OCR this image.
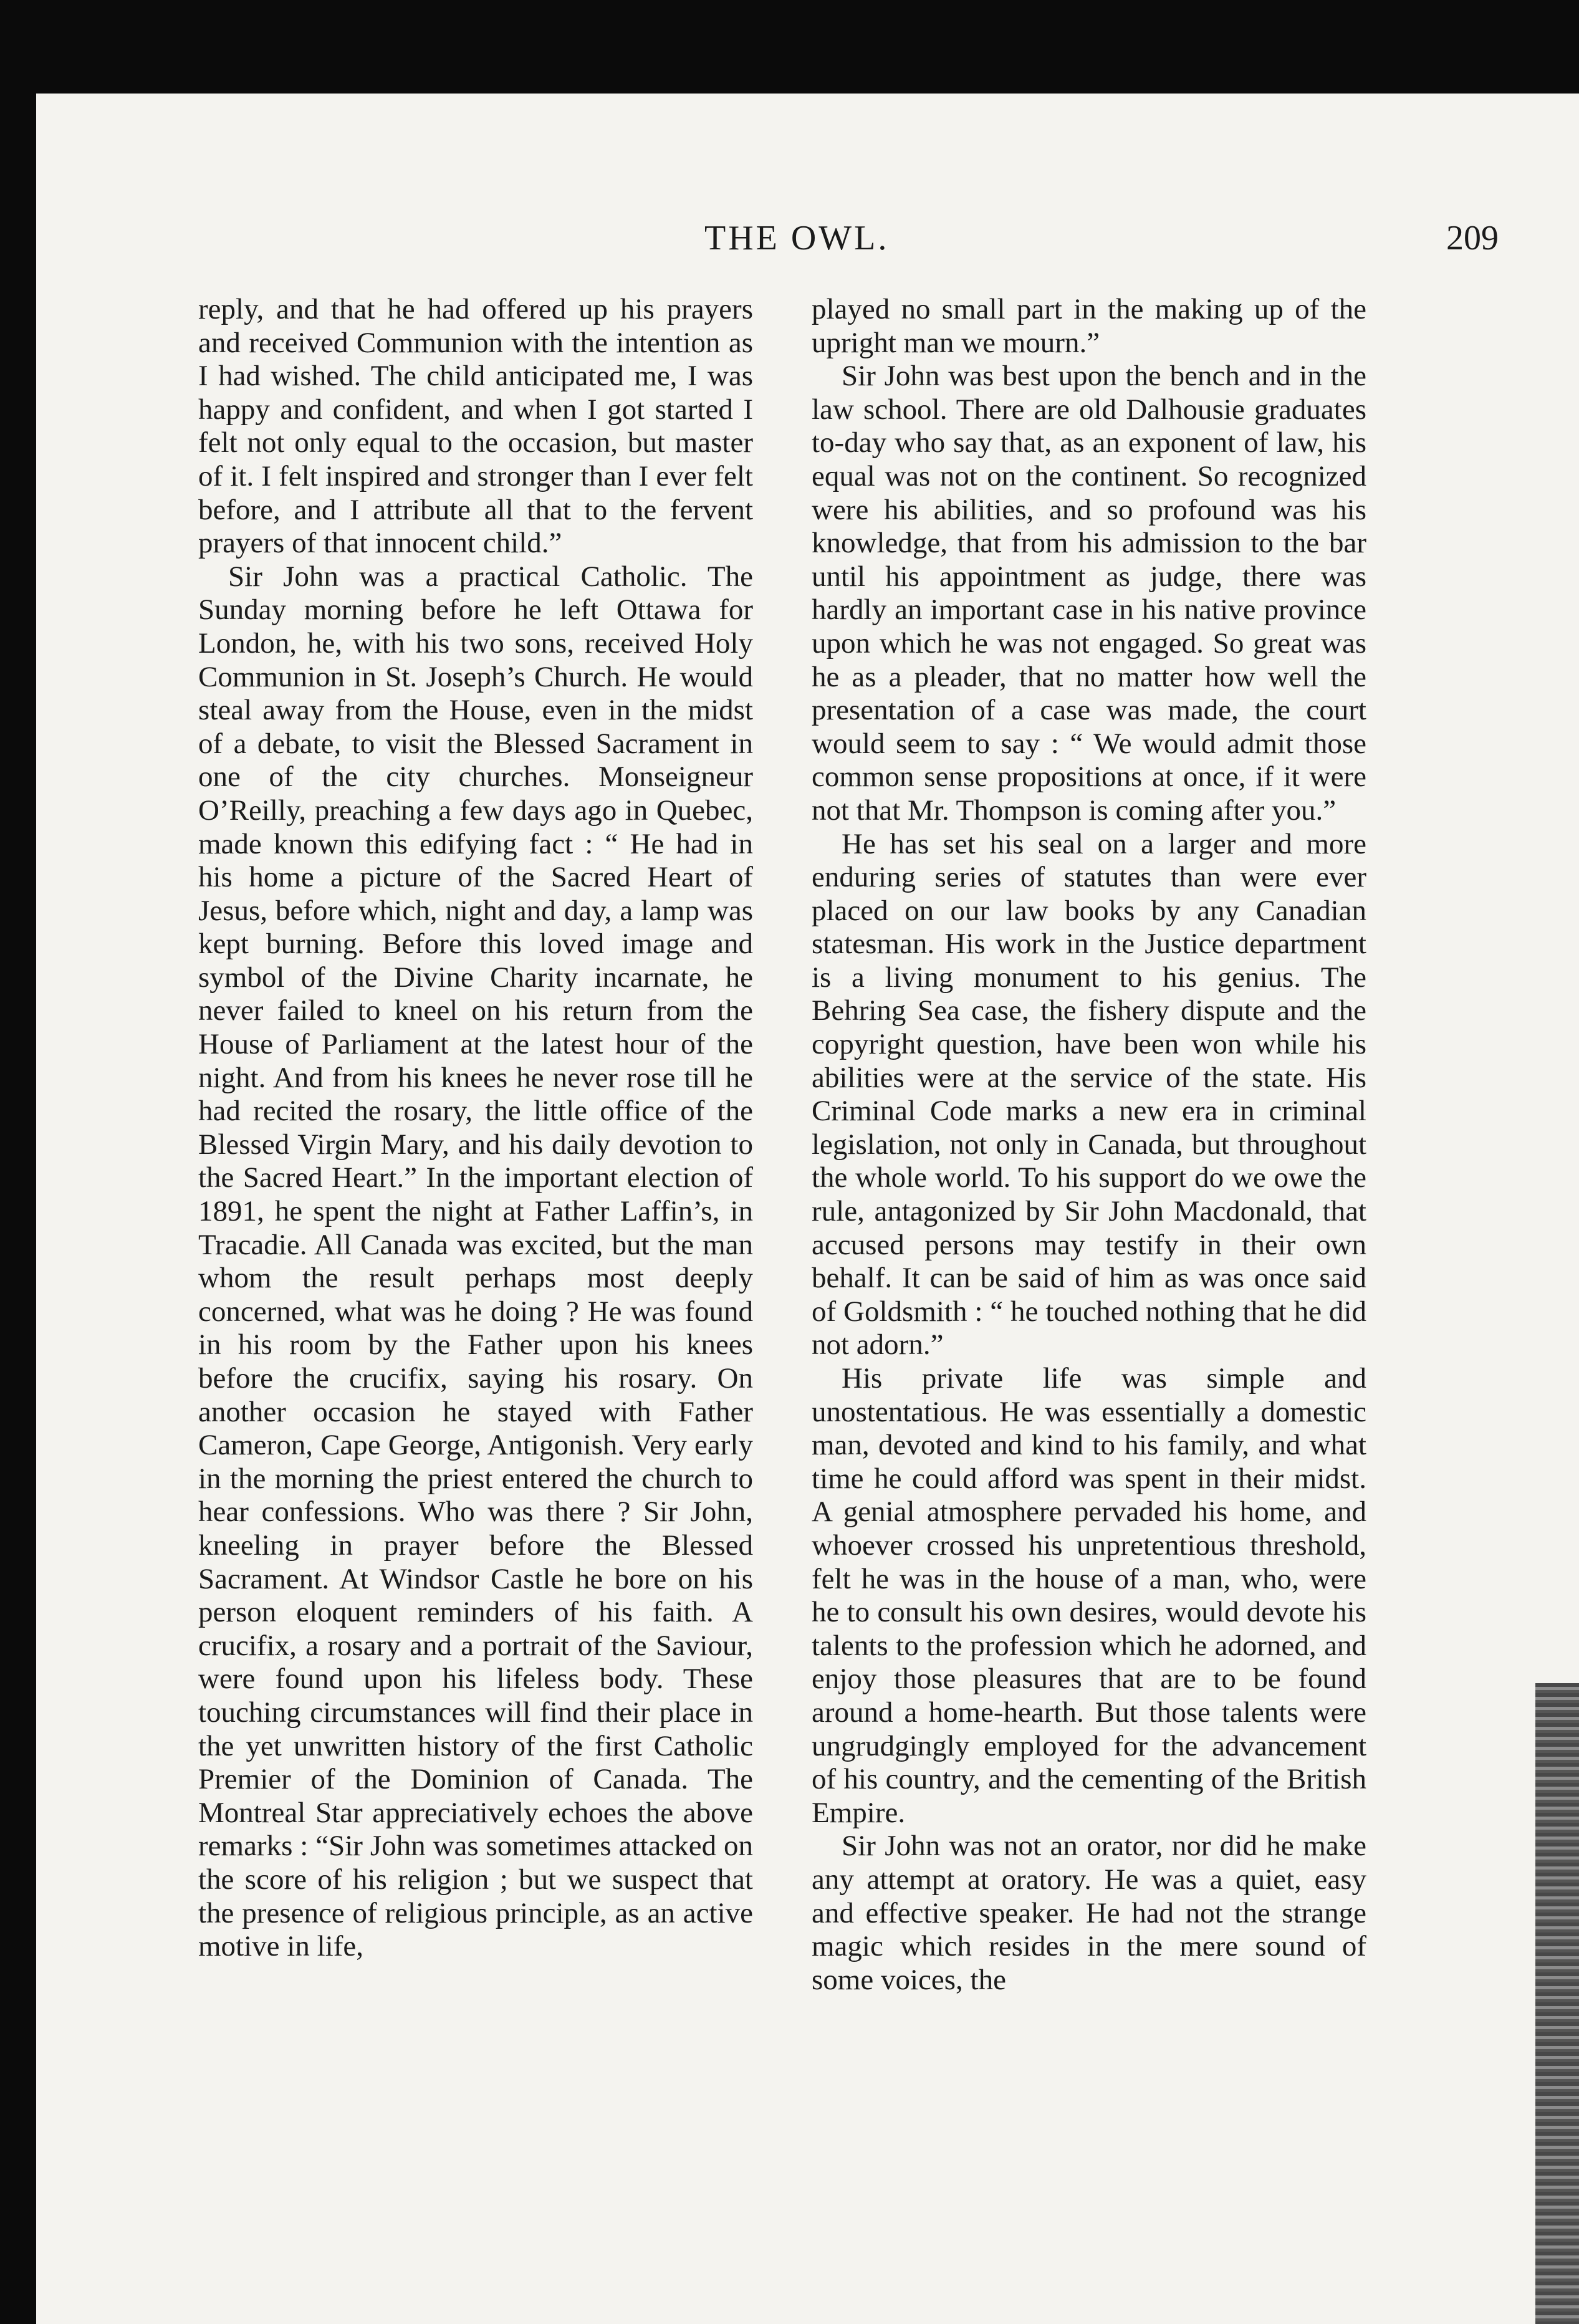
THE OWL.	209

reply, and that he had offered up his prayers and received Communion with the intention as I had wished. The child anticipated me, I was happy and confident, and when I got started I felt not only equal to the occasion, but master of it. I felt inspired and stronger than I ever felt before, and I attribute all that to the fervent prayers of that innocent child.”

Sir John was a practical Catholic. The Sunday morning before he left Ottawa for London, he, with his two sons, received Holy Communion in St. Joseph’s Church. He would steal away from the House, even in the midst of a debate, to visit the Blessed Sacrament in one of the city churches. Monseigneur O’Reilly, preaching a few days ago in Quebec, made known this edifying fact : “ He had in his home a picture of the Sacred Heart of Jesus, before which, night and day, a lamp was kept burning. Before this loved image and symbol of the Divine Charity incarnate, he never failed to kneel on his return from the House of Parliament at the latest hour of the night. And from his knees he never rose till he had recited the rosary, the little office of the Blessed Virgin Mary, and his daily devotion to the Sacred Heart.” In the important election of 1891, he spent the night at Father Laffin’s, in Tracadie. All Canada was excited, but the man whom the result perhaps most deeply concerned, what was he doing ? He was found in his room by the Father upon his knees before the crucifix, saying his rosary. On another occasion he stayed with Father Cameron, Cape George, Antigonish. Very early in the morning the priest entered the church to hear confessions. Who was there ? Sir John, kneeling in prayer before the Blessed Sacrament. At Windsor Castle he bore on his person eloquent reminders of his faith. A crucifix, a rosary and a portrait of the Saviour, were found upon his lifeless body. These touching circumstances will find their place in the yet unwritten history of the first Catholic Premier of the Dominion of Canada. The Montreal Star appreciatively echoes the above remarks : “Sir John was sometimes attacked on the score of his religion ; but we suspect that the presence of religious principle, as an active motive in life,

played no small part in the making up of the upright man we mourn.”

Sir John was best upon the bench and in the law school. There are old Dalhousie graduates to-day who say that, as an exponent of law, his equal was not on the continent. So recognized were his abilities, and so profound was his knowledge, that from his admission to the bar until his appointment as judge, there was hardly an important case in his native province upon which he was not engaged. So great was he as a pleader, that no matter how well the presentation of a case was made, the court would seem to say : “ We would admit those common sense propositions at once, if it were not that Mr. Thompson is coming after you.”

He has set his seal on a larger and more enduring series of statutes than were ever placed on our law books by any Canadian statesman. His work in the Justice department is a living monument to his genius. The Behring Sea case, the fishery dispute and the copyright question, have been won while his abilities were at the service of the state. His Criminal Code marks a new era in criminal legislation, not only in Canada, but throughout the whole world. To his support do we owe the rule, antagonized by Sir John Macdonald, that accused persons may testify in their own behalf. It can be said of him as was once said of Goldsmith : “ he touched nothing that he did not adorn.”

His private life was simple and unostentatious. He was essentially a domestic man, devoted and kind to his family, and what time he could afford was spent in their midst. A genial atmosphere pervaded his home, and whoever crossed his unpretentious threshold, felt he was in the house of a man, who, were he to consult his own desires, would devote his talents to the profession which he adorned, and enjoy those pleasures that are to be found around a home-hearth. But those talents were ungrudgingly employed for the advancement of his country, and the cementing of the British Empire.

Sir John was not an orator, nor did he make any attempt at oratory. He was a quiet, easy and effective speaker. He had not the strange magic which resides in the mere sound of some voices, the
